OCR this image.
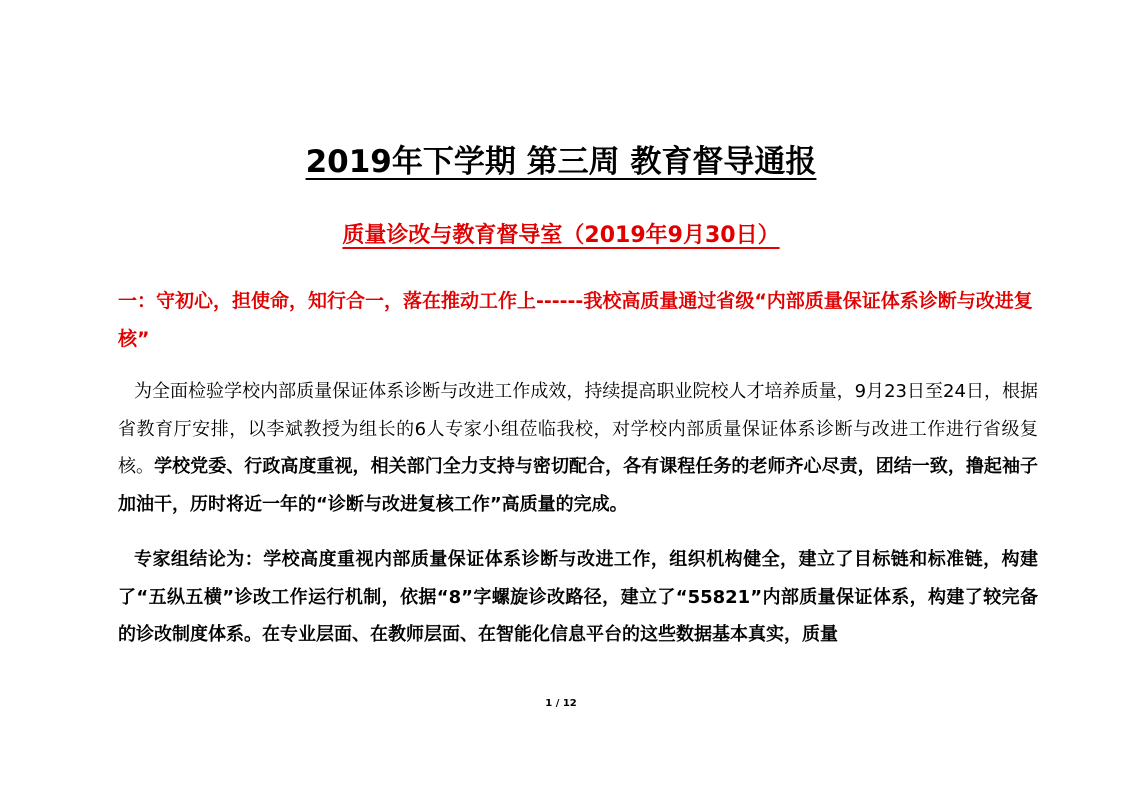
2019年下学期 第三周 教育督导通报
质量诊改与教育督导室（2019年9月30日）
一：守初心，担使命，知行合一，落在推动工作上------我校高质量通过省级“内部质量保证体系诊断与改进复核”
为全面检验学校内部质量保证体系诊断与改进工作成效，持续提高职业院校人才培养质量，9月23日至24日，根据省教育厅安排，以李斌教授为组长的6人专家小组莅临我校，对学校内部质量保证体系诊断与改进工作进行省级复核。学校党委、行政高度重视，相关部门全力支持与密切配合，各有课程任务的老师齐心尽责，团结一致，撸起袖子加油干，历时将近一年的“诊断与改进复核工作”高质量的完成。
专家组结论为：学校高度重视内部质量保证体系诊断与改进工作，组织机构健全，建立了目标链和标准链，构建了“五纵五横”诊改工作运行机制，依据“8”字螺旋诊改路径，建立了“55821”内部质量保证体系，构建了较完备的诊改制度体系。在专业层面、在教师层面、在智能化信息平台的这些数据基本真实，质量
1 / 12
